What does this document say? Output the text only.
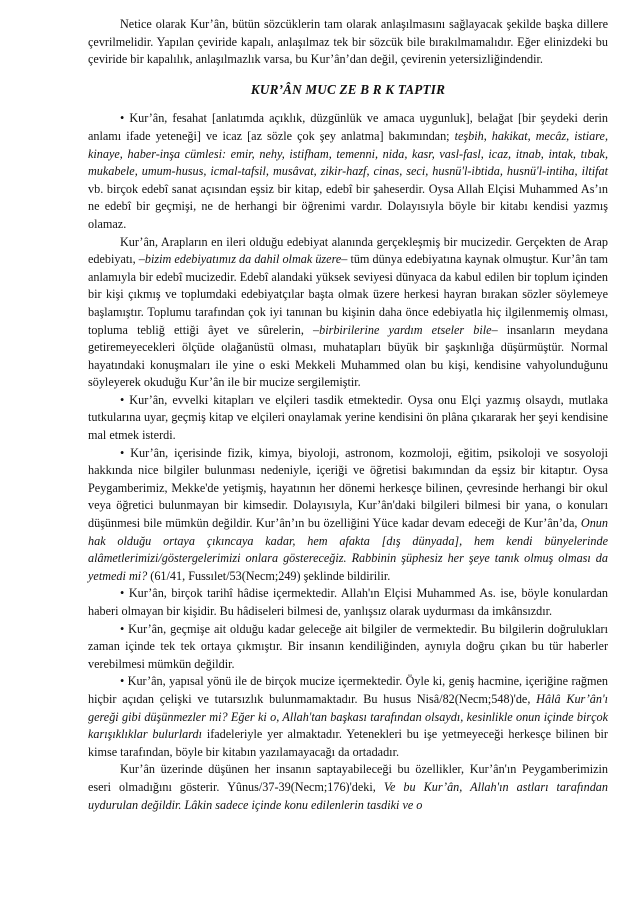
Netice olarak Kur’ân, bütün sözcüklerin tam olarak anlaşılmasını sağlayacak şekilde başka dillere çevrilmelidir. Yapılan çeviride kapalı, anlaşılmaz tek bir sözcük bile bırakılmamalıdır. Eğer elinizdeki bu çeviride bir kapalılık, anlaşılmazlık varsa, bu Kur’ân’dan değil, çevirenin yetersizliğindendir.

KUR’ÂN MUC ZE B R K TAPTIR

• Kur’ân, fesahat [anlatımda açıklık, düzgünlük ve amaca uygunluk], belağat [bir şeydeki derin anlamı ifade yeteneği] ve icaz [az sözle çok şey anlatma] bakımından; teşbih, hakikat, mecâz, istiare, kinaye, haber-inşa cümlesi: emir, nehy, istifham, temenni, nida, kasr, vasl-fasl, icaz, itnab, intak, tıbak, mukabele, umum-husus, icmal-tafsil, musâvat, zikir-hazf, cinas, seci, husnü'l-ibtida, husnü'l-intiha, iltifat vb. birçok edebî sanat açısından eşsiz bir kitap, edebî bir şaheserdir. Oysa Allah Elçisi Muhammed As’ın ne edebî bir geçmişi, ne de herhangi bir öğrenimi vardır. Dolayısıyla böyle bir kitabı kendisi yazmış olamaz.

Kur’ân, Arapların en ileri olduğu edebiyat alanında gerçekleşmiş bir mucizedir. Gerçekten de Arap edebiyatı, –bizim edebiyatımız da dahil olmak üzere– tüm dünya edebiyatına kaynak olmuştur. Kur’ân tam anlamıyla bir edebî mucizedir. Edebî alandaki yüksek seviyesi dünyaca da kabul edilen bir toplum içinden bir kişi çıkmış ve toplumdaki edebiyatçılar başta olmak üzere herkesi hayran bırakan sözler söylemeye başlamıştır. Toplumu tarafından çok iyi tanınan bu kişinin daha önce edebiyatla hiç ilgilenmemiş olması, topluma tebliğ ettiği âyet ve sûrelerin, –birbirilerine yardım etseler bile– insanların meydana getiremeyecekleri ölçüde olağanüstü olması, muhatapları büyük bir şaşkınlığa düşürmüştür. Normal hayatındaki konuşmaları ile yine o eski Mekkeli Muhammed olan bu kişi, kendisine vahyolunduğunu söyleyerek okuduğu Kur’ân ile bir mucize sergilemiştir.

• Kur’ân, evvelki kitapları ve elçileri tasdik etmektedir. Oysa onu Elçi yazmış olsaydı, mutlaka tutkularına uyar, geçmiş kitap ve elçileri onaylamak yerine kendisini ön plâna çıkararak her şeyi kendisine mal etmek isterdi.

• Kur’ân, içerisinde fizik, kimya, biyoloji, astronom, kozmoloji, eğitim, psikoloji ve sosyoloji hakkında nice bilgiler bulunması nedeniyle, içeriği ve öğretisi bakımından da eşsiz bir kitaptır. Oysa Peygamberimiz, Mekke'de yetişmiş, hayatının her dönemi herkesçe bilinen, çevresinde herhangi bir okul veya öğretici bulunmayan bir kimsedir. Dolayısıyla, Kur’ân'daki bilgileri bilmesi bir yana, o konuları düşünmesi bile mümkün değildir. Kur’ân’ın bu özelliğini Yüce kadar devam edeceği de Kur’ân’da, Onun hak olduğu ortaya çıkıncaya kadar, hem afakta [dış dünyada], hem kendi bünyelerinde alâmetlerimizi/göstergelerimizi onlara göstereceğiz. Rabbinin şüphesiz her şeye tanık olmuş olması da yetmedi mi? (61/41, Fussılet/53(Necm;249) şeklinde bildirilir.

• Kur’ân, birçok tarihî hâdise içermektedir. Allah'ın Elçisi Muhammed As. ise, böyle konulardan haberi olmayan bir kişidir. Bu hâdiseleri bilmesi de, yanlışsız olarak uydurması da imkânsızdır.

• Kur’ân, geçmişe ait olduğu kadar geleceğe ait bilgiler de vermektedir. Bu bilgilerin doğrulukları zaman içinde tek tek ortaya çıkmıştır. Bir insanın kendiliğinden, aynıyla doğru çıkan bu tür haberler verebilmesi mümkün değildir.

• Kur’ân, yapısal yönü ile de birçok mucize içermektedir. Öyle ki, geniş hacmine, içeriğine rağmen hiçbir açıdan çelişki ve tutarsızlık bulunmamaktadır. Bu husus Nisâ/82(Necm;548)'de, Hâlâ Kur’ân'ı gereği gibi düşünmezler mi? Eğer ki o, Allah'tan başkası tarafından olsaydı, kesinlikle onun içinde birçok karışıklıklar bulurlardı ifadeleriyle yer almaktadır. Yetenekleri bu işe yetmeyeceği herkesçe bilinen bir kimse tarafından, böyle bir kitabın yazılamayacağı da ortadadır.

Kur’ân üzerinde düşünen her insanın saptayabileceği bu özellikler, Kur’ân'ın Peygamberimizin eseri olmadığını gösterir. Yûnus/37-39(Necm;176)'deki, Ve bu Kur’ân, Allah'ın astları tarafından uydurulan değildir. Lâkin sadece içinde konu edilenlerin tasdiki ve o
